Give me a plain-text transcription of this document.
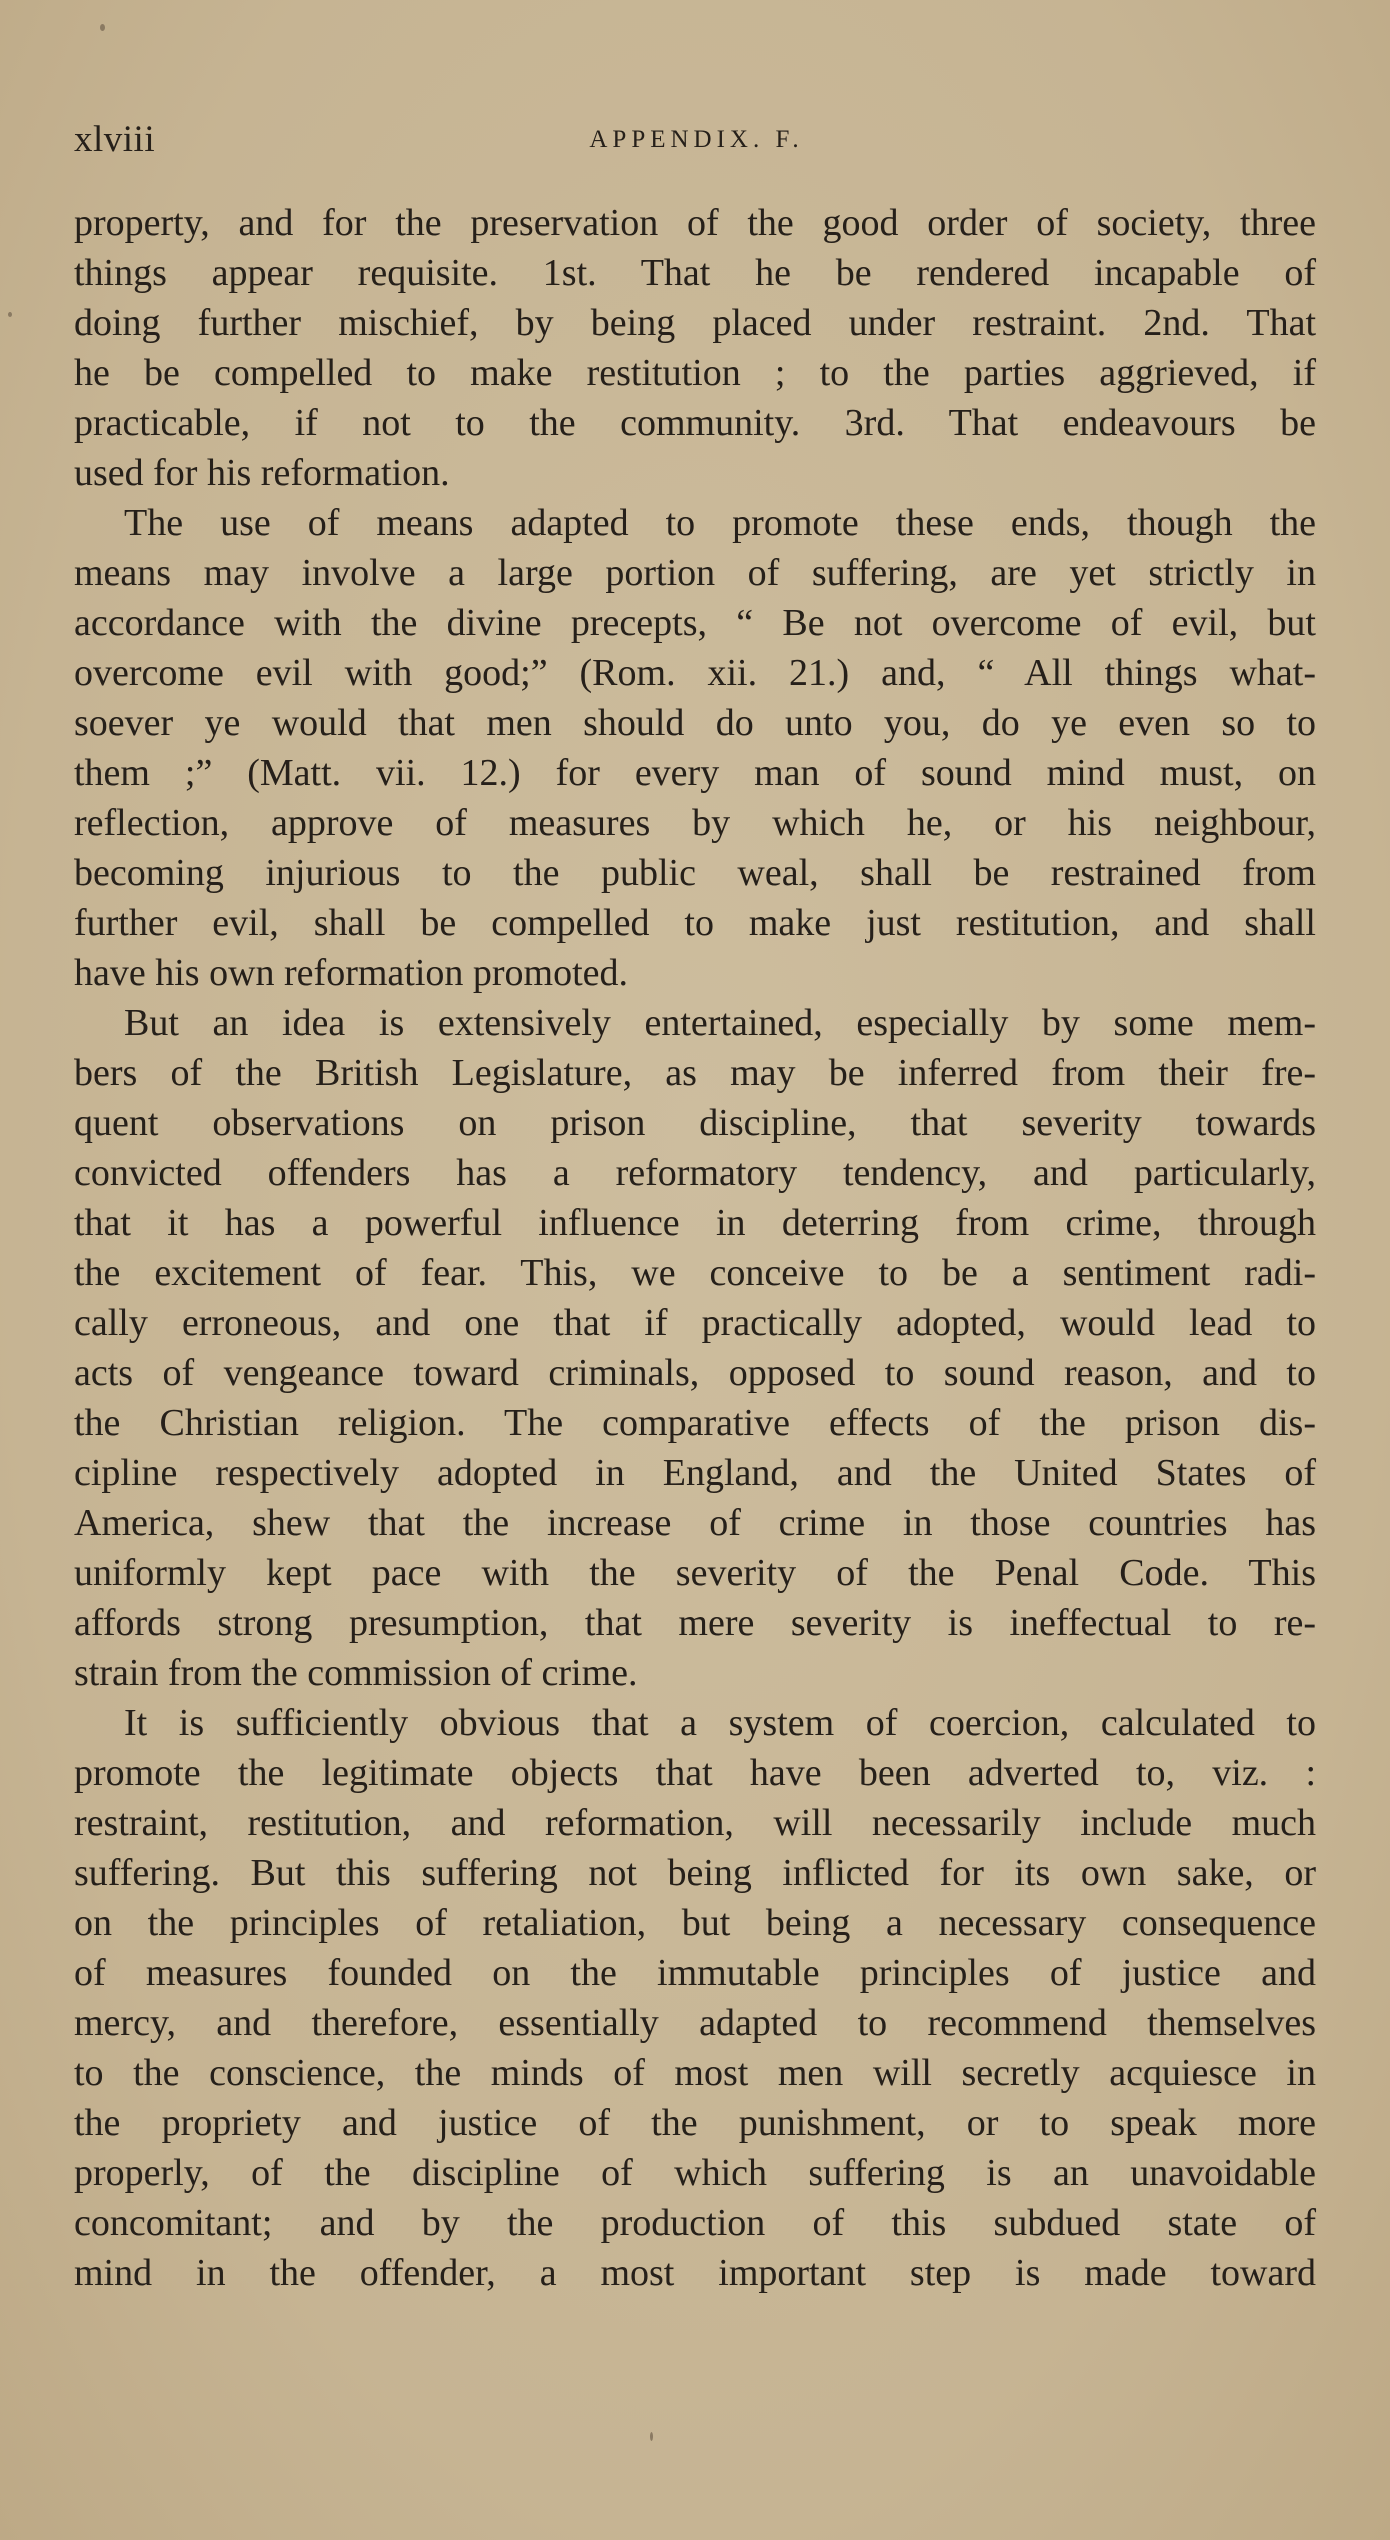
xlviii	APPENDIX. F.
property, and for the preservation of the good order of society, three
things appear requisite. 1st. That he be rendered incapable of
doing further mischief, by being placed under restraint. 2nd. That
he be compelled to make restitution ; to the parties aggrieved, if
practicable, if not to the community. 3rd. That endeavours be
used for his reformation.
The use of means adapted to promote these ends, though the
means may involve a large portion of suffering, are yet strictly in
accordance with the divine precepts, “ Be not overcome of evil, but
overcome evil with good;” (Rom. xii. 21.) and, “ All things what-
soever ye would that men should do unto you, do ye even so to
them ;” (Matt. vii. 12.) for every man of sound mind must, on
reflection, approve of measures by which he, or his neighbour,
becoming injurious to the public weal, shall be restrained from
further evil, shall be compelled to make just restitution, and shall
have his own reformation promoted.
But an idea is extensively entertained, especially by some mem-
bers of the British Legislature, as may be inferred from their fre-
quent observations on prison discipline, that severity towards
convicted offenders has a reformatory tendency, and particularly,
that it has a powerful influence in deterring from crime, through
the excitement of fear. This, we conceive to be a sentiment radi-
cally erroneous, and one that if practically adopted, would lead to
acts of vengeance toward criminals, opposed to sound reason, and to
the Christian religion. The comparative effects of the prison dis-
cipline respectively adopted in England, and the United States of
America, shew that the increase of crime in those countries has
uniformly kept pace with the severity of the Penal Code. This
affords strong presumption, that mere severity is ineffectual to re-
strain from the commission of crime.
It is sufficiently obvious that a system of coercion, calculated to
promote the legitimate objects that have been adverted to, viz. :
restraint, restitution, and reformation, will necessarily include much
suffering. But this suffering not being inflicted for its own sake, or
on the principles of retaliation, but being a necessary consequence
of measures founded on the immutable principles of justice and
mercy, and therefore, essentially adapted to recommend themselves
to the conscience, the minds of most men will secretly acquiesce in
the propriety and justice of the punishment, or to speak more
properly, of the discipline of which suffering is an unavoidable
concomitant; and by the production of this subdued state of
mind in the offender, a most important step is made toward
